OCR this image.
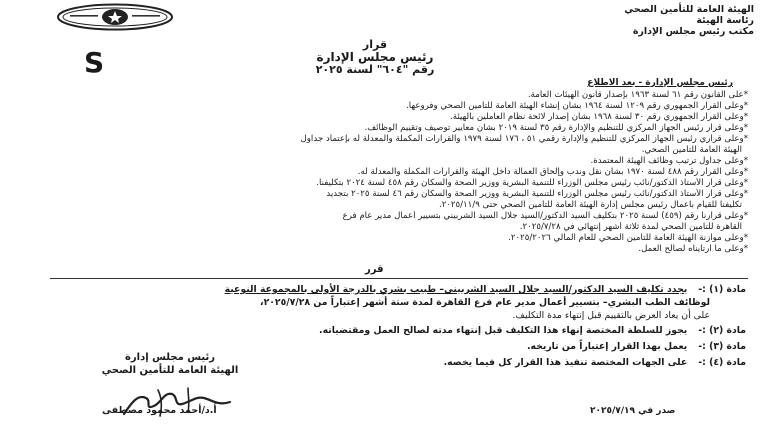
الهيئة العامة للتأمين الصحي
رئاسة الهيئة
مكتب رئيس مجلس الإدارة
قرار
رئيس مجلس الإدارة
رقم "٦٠٤" لسنة ٢٠٢٥
S
رئيس مجلس الإدارة - بعد الاطلاع
*على القانون رقم ٦١ لسنة ١٩٦٣ بإصدار قانون الهيئات العامة.
*وعلى القرار الجمهوري رقم ١٢٠٩ لسنة ١٩٦٤ بشأن إنشاء الهيئة العامة للتأمين الصحي وفروعها.
*وعلى القرار الجمهوري رقم ٣٠ لسنة ١٩٦٨ بشأن إصدار لائحة نظام العاملين بالهيئة.
*وعلى قرار رئيس الجهاز المركزي للتنظيم والإدارة رقم ٣٥ لسنة ٢٠١٩ بشأن معايير توصيف وتقييم الوظائف.
*وعلى قراري رئيس الجهاز المركزي للتنظيم والإدارة رقمي ٥١ ، ١٧٦ لسنة ١٩٧٩ والقرارات المكملة والمعدلة له بإعتماد جداول
الهيئة العامة للتأمين الصحي.
*وعلى جداول ترتيب وظائف الهيئة المعتمدة.
*وعلى القرار رقم ٤٨٨ لسنة ١٩٧٠ بشأن نقل وندب وإلحاق العمالة داخل الهيئة والقرارات المكملة والمعدلة له.
*وعلى قرار الأستاذ الدكتور/نائب رئيس مجلس الوزراء للتنمية البشرية ووزير الصحة والسكان رقم ٤٥٨ لسنة ٢٠٢٤ بتكليفنا.
*وعلى قرار الأستاذ الدكتور/نائب رئيس مجلس الوزراء للتنمية البشرية ووزير الصحة والسكان رقم ٤٦ لسنة ٢٠٢٥ بتجديد
تكليفنا للقيام بأعمال رئيس مجلس إدارة الهيئة العامة للتأمين الصحي حتى ٢٠٢٥/١١/٩.
*وعلى قرارنا رقم (٤٥٩) لسنة ٢٠٢٥ بتكليف السيد الدكتور/السيد جلال السيد الشربيني بتسيير أعمال مدير عام فرع
القاهرة للتأمين الصحي لمدة ثلاثة أشهر إنتهائي في ٢٠٢٥/٧/٢٨.
*وعلى موازنة الهيئة العامة للتأمين الصحي للعام المالي ٢٠٢٥/٢٠٢٦.
*وعلى ما ارتأيناه لصالح العمل.
قرر
مادة (١) :- يجدد تكليف السيد الدكتور/السيد جلال السيد الشربيني– طبيب بشري بالدرجة الأولى بالمجموعة النوعية
لوظائف الطب البشري– بتسيير أعمال مدير عام فرع القاهرة لمدة ستة أشهر إعتباراً من ٢٠٢٥/٧/٢٨،
على أن يعاد العرض بالتقييم قبل إنتهاء مدة التكليف.
مادة (٢) :- يجوز للسلطة المختصة إنهاء هذا التكليف قبل إنتهاء مدته لصالح العمل ومقتضياته.
مادة (٣) :- يعمل بهذا القرار إعتباراً من تاريخه.
مادة (٤) :- على الجهات المختصة تنفيذ هذا القرار كل فيما يخصه.
رئيس مجلس إدارة
الهيئة العامة للتأمين الصحي
أ.د/أحمد محمود مصطفى	صدر في ٢٠٢٥/٧/١٩
